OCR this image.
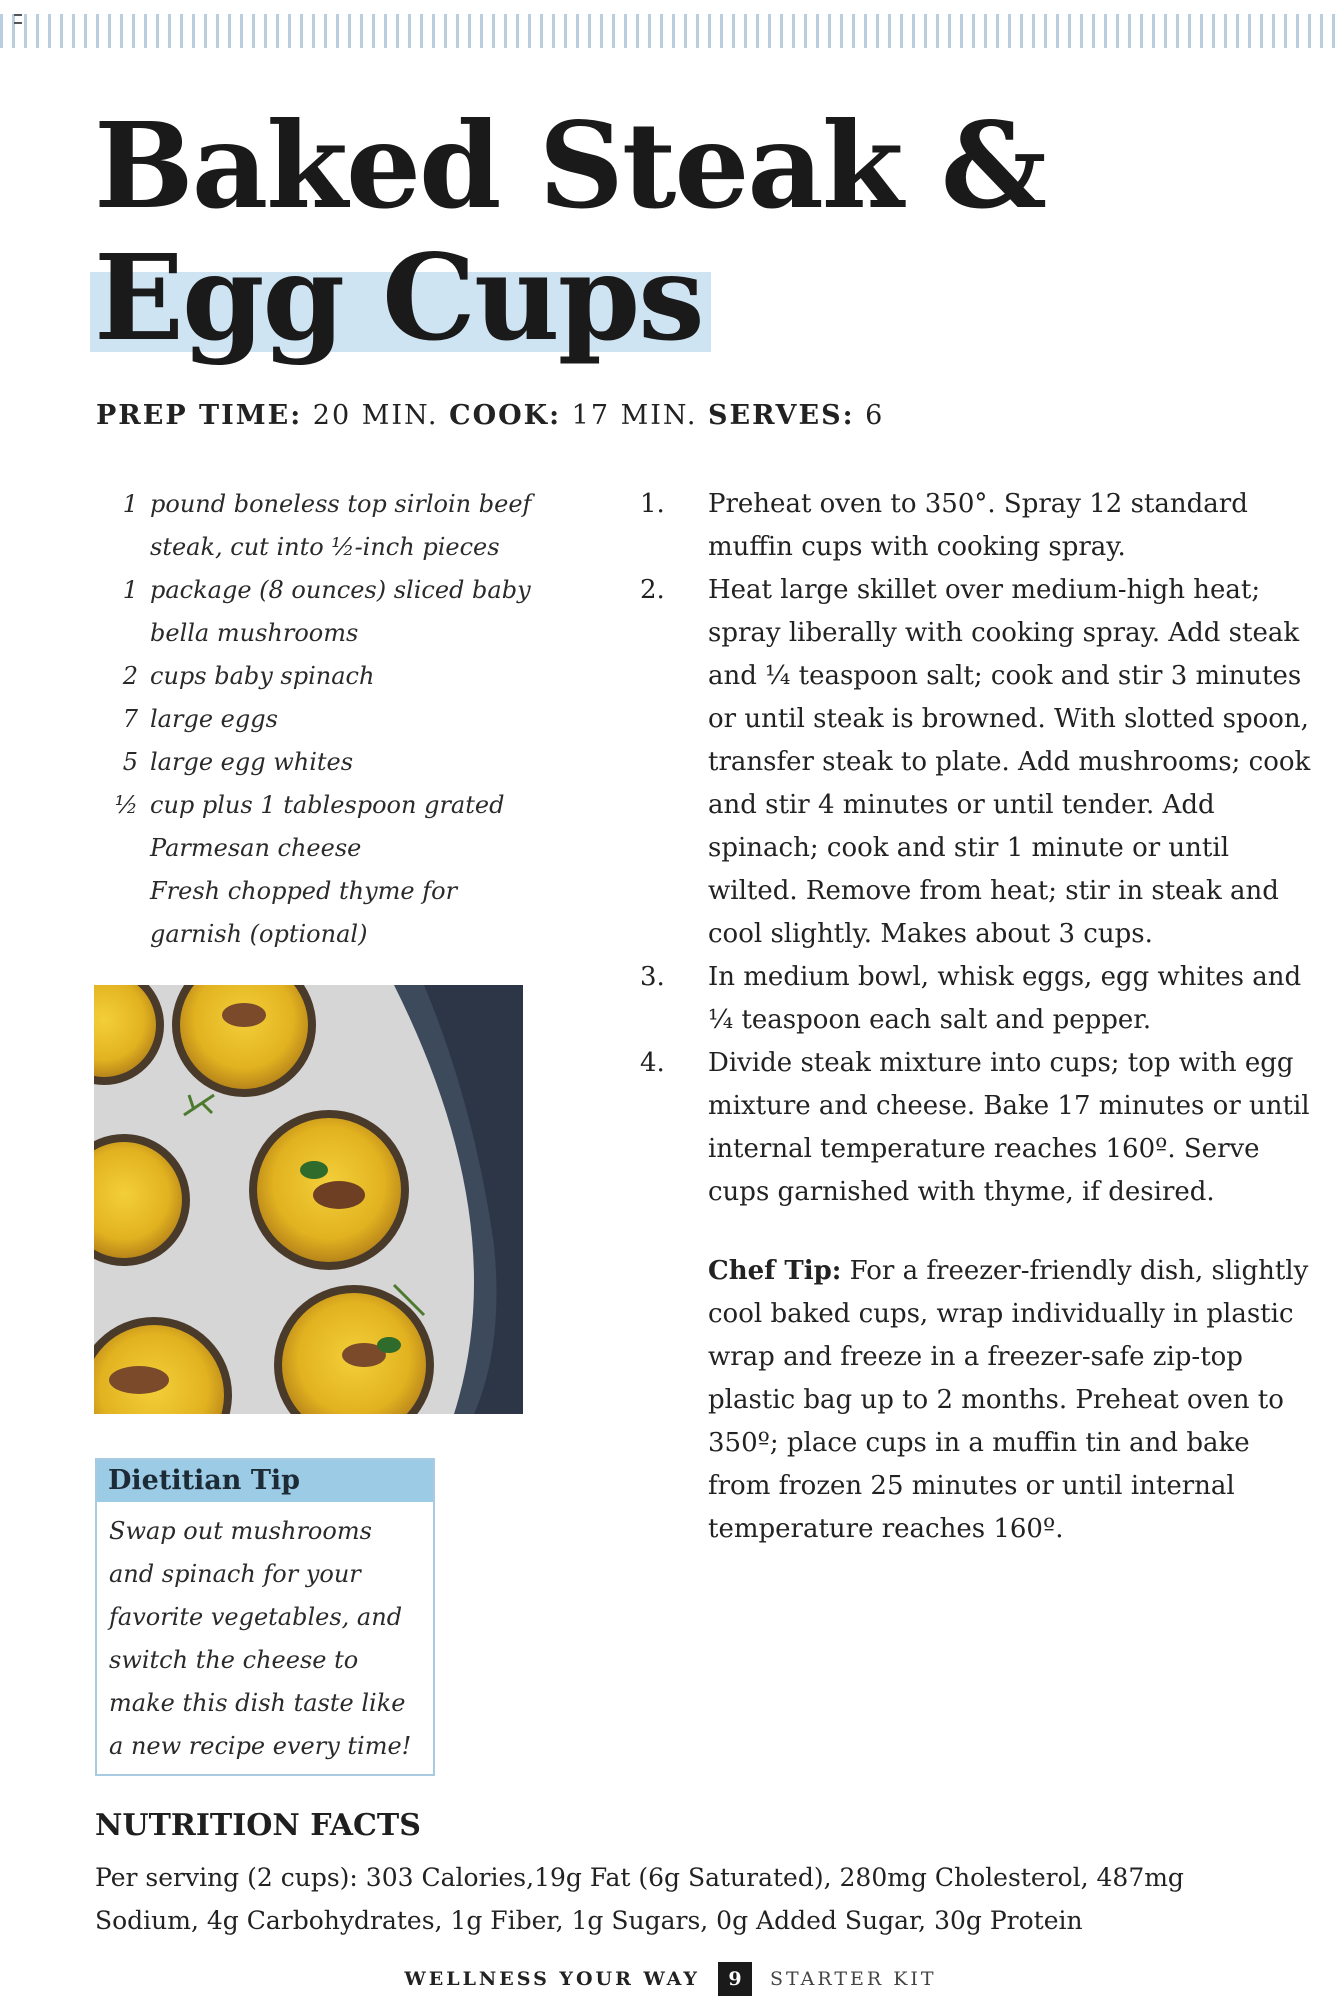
Baked Steak &
Egg Cups
PREP TIME: 20 MIN. COOK: 17 MIN. SERVES: 6
1 pound boneless top sirloin beef steak, cut into ½-inch pieces
1 package (8 ounces) sliced baby bella mushrooms
2 cups baby spinach
7 large eggs
5 large egg whites
½ cup plus 1 tablespoon grated Parmesan cheese
Fresh chopped thyme for garnish (optional)
Dietitian Tip
Swap out mushrooms and spinach for your favorite vegetables, and switch the cheese to make this dish taste like a new recipe every time!
1.	Preheat oven to 350°. Spray 12 standard muffin cups with cooking spray.
2.	Heat large skillet over medium-high heat; spray liberally with cooking spray. Add steak and ¼ teaspoon salt; cook and stir 3 minutes or until steak is browned. With slotted spoon, transfer steak to plate. Add mushrooms; cook and stir 4 minutes or until tender. Add spinach; cook and stir 1 minute or until wilted. Remove from heat; stir in steak and cool slightly. Makes about 3 cups.
3.	In medium bowl, whisk eggs, egg whites and ¼ teaspoon each salt and pepper.
4.	Divide steak mixture into cups; top with egg mixture and cheese. Bake 17 minutes or until internal temperature reaches 160º. Serve cups garnished with thyme, if desired.
Chef Tip: For a freezer-friendly dish, slightly cool baked cups, wrap individually in plastic wrap and freeze in a freezer-safe zip-top plastic bag up to 2 months. Preheat oven to 350º; place cups in a muffin tin and bake from frozen 25 minutes or until internal temperature reaches 160º.
NUTRITION FACTS
Per serving (2 cups): 303 Calories,19g Fat (6g Saturated), 280mg Cholesterol, 487mg Sodium, 4g Carbohydrates, 1g Fiber, 1g Sugars, 0g Added Sugar, 30g Protein
WELLNESS YOUR WAY 9 STARTER KIT
